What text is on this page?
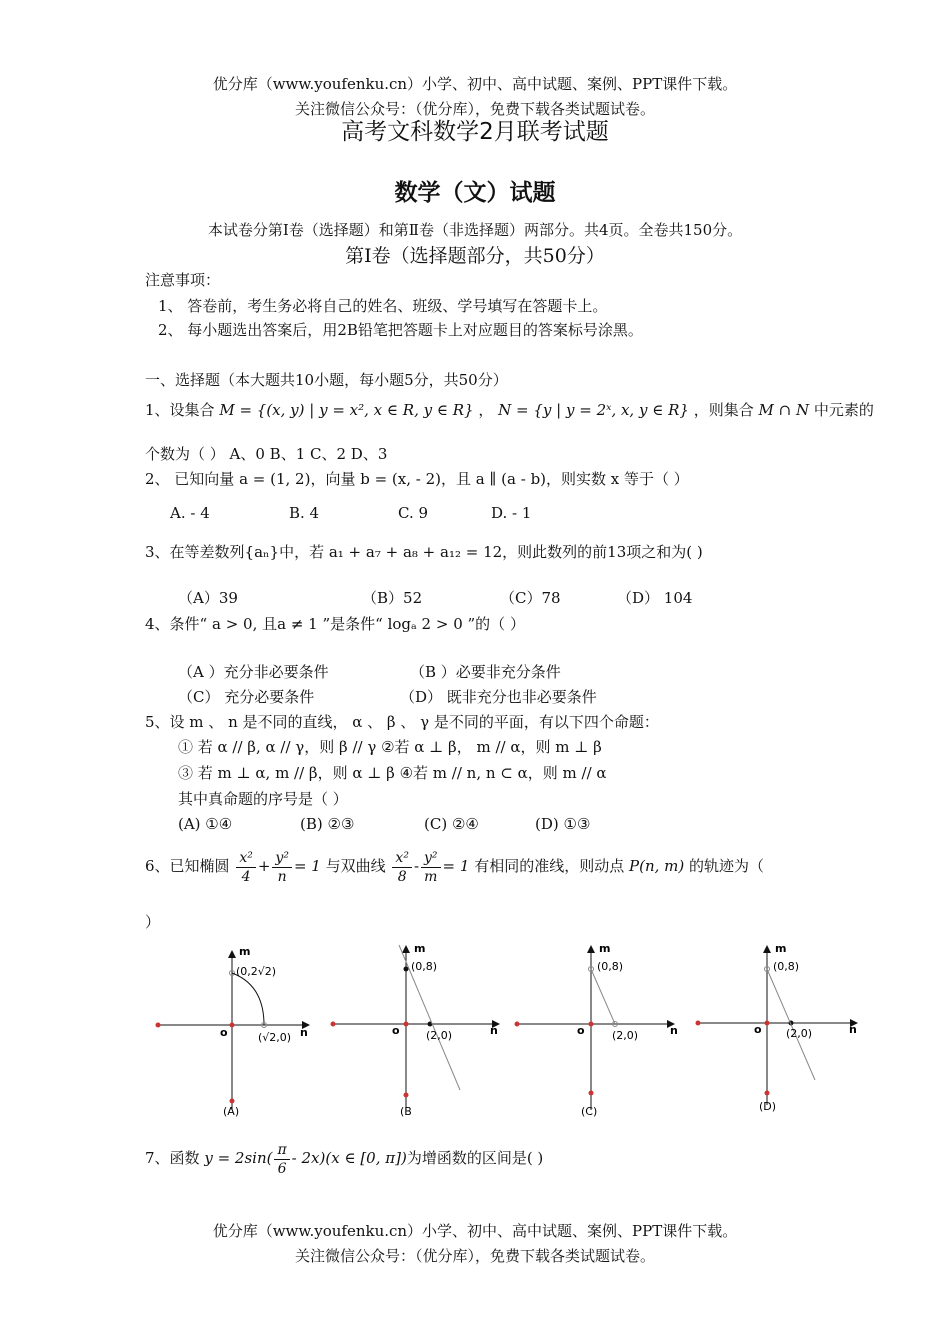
优分库（www.youfenku.cn）小学、初中、高中试题、案例、PPT课件下载。
关注微信公众号：（优分库），免费下载各类试题试卷。
高考文科数学2月联考试题
数学（文）试题
本试卷分第Ⅰ卷（选择题）和第Ⅱ卷（非选择题）两部分。共4页。全卷共150分。
第Ⅰ卷（选择题部分，共50分）
注意事项：
1、 答卷前，考生务必将自己的姓名、班级、学号填写在答题卡上。
2、 每小题选出答案后，用2B铅笔把答题卡上对应题目的答案标号涂黑。
一、选择题（本大题共10小题，每小题5分，共50分）
1、设集合 M = {(x, y) | y = x², x ∈ R, y ∈ R} ， N = {y | y = 2ˣ, x, y ∈ R} ，则集合 M ∩ N 中元素的
个数为（ ） A、0 B、1 C、2 D、3
2、 已知向量 a = (1, 2)，向量 b = (x, - 2)，且 a ∥ (a - b)，则实数 x 等于（ ）
A. - 4	B. 4	C. 9	D. - 1
3、在等差数列{aₙ}中，若 a₁ + a₇ + a₈ + a₁₂ = 12，则此数列的前13项之和为( )
（A）39	（B）52	（C）78	（D） 104
4、条件“ a > 0, 且a ≠ 1 ”是条件“ logₐ 2 > 0 ”的（ ）
（A ）充分非必要条件	（B ）必要非充分条件
（C） 充分必要条件	（D） 既非充分也非必要条件
5、设 m 、 n 是不同的直线， α 、 β 、 γ 是不同的平面，有以下四个命题：
① 若 α // β, α // γ，则 β // γ ②若 α ⊥ β， m // α，则 m ⊥ β
③ 若 m ⊥ α, m // β，则 α ⊥ β ④若 m // n, n ⊂ α，则 m // α
其中真命题的序号是（ ）
(A) ①④	(B) ②③	(C) ②④	(D) ①③
6、已知椭圆 $\frac{\text{x²}}{4} + \frac{\text{y²}}{n} = 1$ 与双曲线 $\frac{\text{x²}}{8} - \frac{\text{y²}}{m} = 1$ 有相同的准线，则动点 P(n, m) 的轨迹为（
）
m
n
o
(0,2√2)
(√2,0)
(A)
m
n
o
(0,8)
(2,0)
(B
m
n
o
(0,8)
(2,0)
(C)
m
n
o
(0,8)
(2,0)
(D)
7、函数 $y = 2\sin( \frac{\pi}{6} - 2x)(x$ ∈ [0, π])为增函数的区间是( )
优分库（www.youfenku.cn）小学、初中、高中试题、案例、PPT课件下载。
关注微信公众号：（优分库），免费下载各类试题试卷。
